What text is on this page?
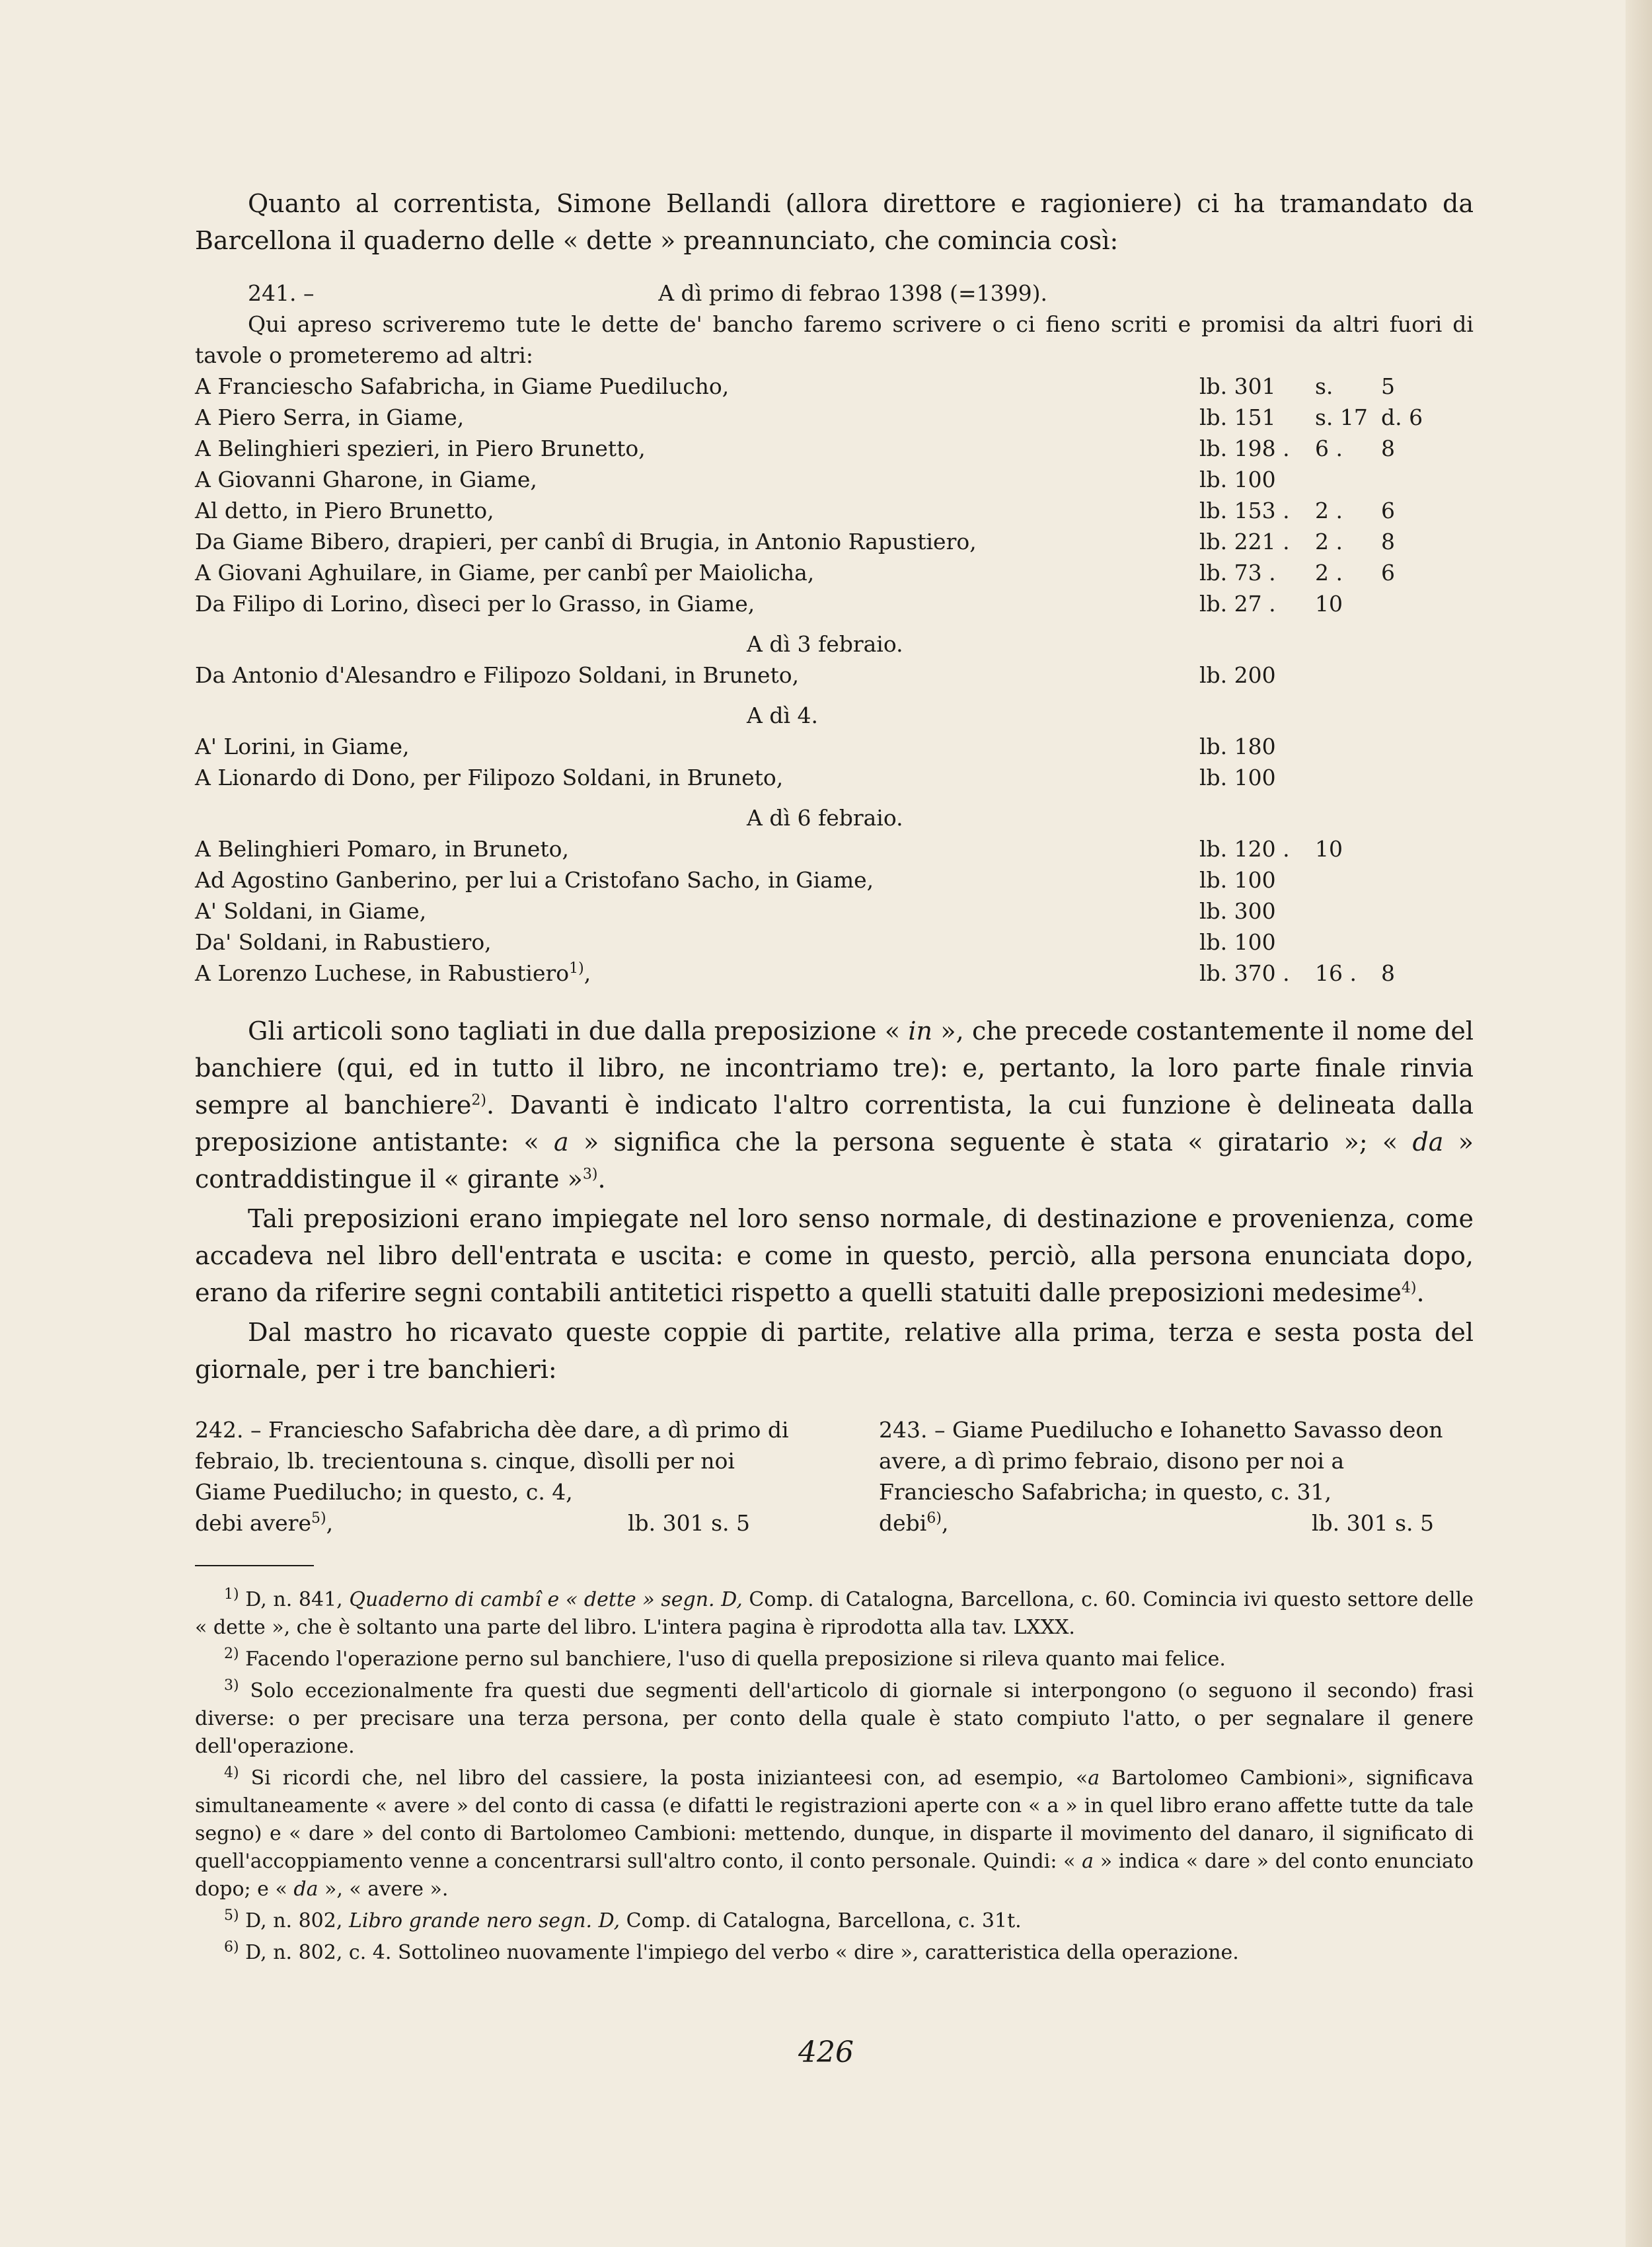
Quanto al correntista, Simone Bellandi (allora direttore e ragioniere) ci ha tramandato da Barcellona il quaderno delle « dette » preannunciato, che comincia così:

241. –	A dì primo di febrao 1398 (=1399).
Qui apreso scriveremo tute le dette de' bancho faremo scrivere o ci fieno scriti e promisi da altri fuori di tavole o prometeremo ad altri:
A Franciescho Safabricha, in Giame Puedilucho,	lb. 301	s.	5
A Piero Serra, in Giame,	lb. 151	s. 17 d. 6
A Belinghieri spezieri, in Piero Brunetto,	lb. 198 .	6 .	8
A Giovanni Gharone, in Giame,	lb. 100
Al detto, in Piero Brunetto,	lb. 153 .	2 .	6
Da Giame Bibero, drapieri, per canbî di Brugia, in Antonio Rapustiero,	lb. 221 .	2 .	8
A Giovani Aghuilare, in Giame, per canbî per Maiolicha,	lb. 73 .	2 .	6
Da Filipo di Lorino, dìseci per lo Grasso, in Giame,	lb. 27 .	10
A dì 3 febraio.
Da Antonio d'Alesandro e Filipozo Soldani, in Bruneto,	lb. 200
A dì 4.
A' Lorini, in Giame,	lb. 180
A Lionardo di Dono, per Filipozo Soldani, in Bruneto,	lb. 100
A dì 6 febraio.
A Belinghieri Pomaro, in Bruneto,	lb. 120 .	10
Ad Agostino Ganberino, per lui a Cristofano Sacho, in Giame,	lb. 100
A' Soldani, in Giame,	lb. 300
Da' Soldani, in Rabustiero,	lb. 100
A Lorenzo Luchese, in Rabustiero$^{1)}$,	lb. 370 .	16 .	8

Gli articoli sono tagliati in due dalla preposizione « in », che precede costantemente il nome del banchiere (qui, ed in tutto il libro, ne incontriamo tre): e, pertanto, la loro parte finale rinvia sempre al banchiere$^{2)}$. Davanti è indicato l'altro correntista, la cui funzione è delineata dalla preposizione antistante: « a » significa che la persona seguente è stata « giratario »; « da » contraddistingue il « girante »$^{3)}$.

Tali preposizioni erano impiegate nel loro senso normale, di destinazione e provenienza, come accadeva nel libro dell'entrata e uscita: e come in questo, perciò, alla persona enunciata dopo, erano da riferire segni contabili antitetici rispetto a quelli statuiti dalle preposizioni medesime$^{4)}$.

Dal mastro ho ricavato queste coppie di partite, relative alla prima, terza e sesta posta del giornale, per i tre banchieri:

242. – Franciescho Safabricha dèe dare, a dì primo di febraio, lb. trecientouna s. cinque, dìsolli per noi Giame Puedilucho; in questo, c. 4,
debi avere$^{5)}$,	lb. 301 s. 5
243. – Giame Puedilucho e Iohanetto Savasso deon avere, a dì primo febraio, disono per noi a Franciescho Safabricha; in questo, c. 31,
debi$^{6)}$,	lb. 301 s. 5
$^{1)}$ D, n. 841, Quaderno di cambî e « dette » segn. D, Comp. di Catalogna, Barcellona, c. 60. Comincia ivi questo settore delle « dette », che è soltanto una parte del libro. L'intera pagina è riprodotta alla tav. LXXX.
$^{2)}$ Facendo l'operazione perno sul banchiere, l'uso di quella preposizione si rileva quanto mai felice.
$^{3)}$ Solo eccezionalmente fra questi due segmenti dell'articolo di giornale si interpongono (o seguono il secondo) frasi diverse: o per precisare una terza persona, per conto della quale è stato compiuto l'atto, o per segnalare il genere dell'operazione.
$^{4)}$ Si ricordi che, nel libro del cassiere, la posta inizianteesi con, ad esempio, «a Bartolomeo Cambioni», significava simultaneamente « avere » del conto di cassa (e difatti le registrazioni aperte con « a » in quel libro erano affette tutte da tale segno) e « dare » del conto di Bartolomeo Cambioni: mettendo, dunque, in disparte il movimento del danaro, il significato di quell'accoppiamento venne a concentrarsi sull'altro conto, il conto personale. Quindi: « a » indica « dare » del conto enunciato dopo; e « da », « avere ».
$^{5)}$ D, n. 802, Libro grande nero segn. D, Comp. di Catalogna, Barcellona, c. 31t.
$^{6)}$ D, n. 802, c. 4. Sottolineo nuovamente l'impiego del verbo « dire », caratteristica della operazione.
426
